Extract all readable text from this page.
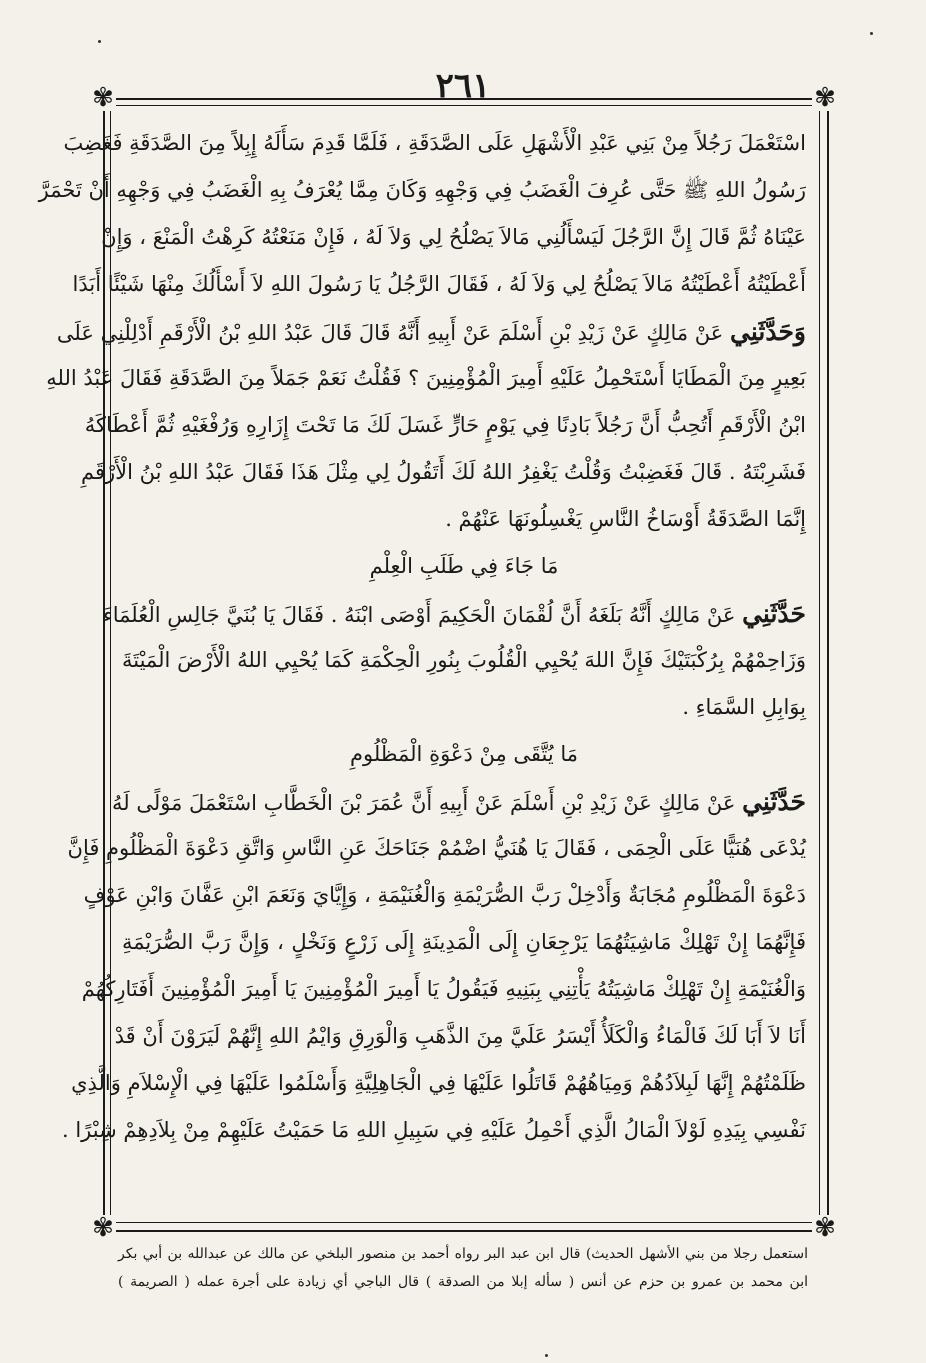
٢٦١
✾	✾
✾	✾
اسْتَعْمَلَ رَجُلاً مِنْ بَنِي عَبْدِ الْأَشْهَلِ عَلَى الصَّدَقَةِ ، فَلَمَّا قَدِمَ سَأَلَهُ إِبِلاً مِنَ الصَّدَقَةِ فَغَضِبَ
رَسُولُ اللهِ ﷺ حَتَّى عُرِفَ الْغَضَبُ فِي وَجْهِهِ وَكَانَ مِمَّا يُعْرَفُ بِهِ الْغَضَبُ فِي وَجْهِهِ أَنْ تَحْمَرَّ
عَيْنَاهُ ثُمَّ قَالَ إِنَّ الرَّجُلَ لَيَسْأَلُنِي مَالاَ يَصْلُحُ لِي وَلاَ لَهُ ، فَإِنْ مَنَعْتُهُ كَرِهْتُ الْمَنْعَ ، وَإِنْ
أَعْطَيْتُهُ أَعْطَيْتُهُ مَالاَ يَصْلُحُ لِي وَلاَ لَهُ ، فَقَالَ الرَّجُلُ يَا رَسُولَ اللهِ لاَ أَسْأَلُكَ مِنْهَا شَيْئًا أَبَدًا
وَحَدَّثَنِي عَنْ مَالِكٍ عَنْ زَيْدِ بْنِ أَسْلَمَ عَنْ أَبِيهِ أَنَّهُ قَالَ قَالَ عَبْدُ اللهِ بْنُ الْأَرْقَمِ أَدْلِلْنِي عَلَى
بَعِيرٍ مِنَ الْمَطَايَا أَسْتَحْمِلُ عَلَيْهِ أَمِيرَ الْمُؤْمِنِينَ ؟ فَقُلْتُ نَعَمْ جَمَلاً مِنَ الصَّدَقَةِ فَقَالَ عَبْدُ اللهِ
ابْنُ الْأَرْقَمِ أَتُحِبُّ أَنَّ رَجُلاً بَادِنًا فِي يَوْمٍ حَارٍّ غَسَلَ لَكَ مَا تَحْتَ إِزَارِهِ وَرُفْغَيْهِ ثُمَّ أَعْطَاكَهُ
فَشَرِبْتَهُ . قَالَ فَغَضِبْتُ وَقُلْتُ يَغْفِرُ اللهُ لَكَ أَتَقُولُ لِي مِثْلَ هَذَا فَقَالَ عَبْدُ اللهِ بْنُ الْأَرْقَمِ
إِنَّمَا الصَّدَقَةُ أَوْسَاخُ النَّاسِ يَغْسِلُونَهَا عَنْهُمْ .
مَا جَاءَ فِي طَلَبِ الْعِلْمِ
حَدَّثَنِي عَنْ مَالِكٍ أَنَّهُ بَلَغَهُ أَنَّ لُقْمَانَ الْحَكِيمَ أَوْصَى ابْنَهُ . فَقَالَ يَا بُنَيَّ جَالِسِ الْعُلَمَاءَ
وَزَاحِمْهُمْ بِرُكْبَتَيْكَ فَإِنَّ اللهَ يُحْيِي الْقُلُوبَ بِنُورِ الْحِكْمَةِ كَمَا يُحْيِي اللهُ الْأَرْضَ الْمَيْتَةَ
بِوَابِلِ السَّمَاءِ .
مَا يُتَّقَى مِنْ دَعْوَةِ الْمَظْلُومِ
حَدَّثَنِي عَنْ مَالِكٍ عَنْ زَيْدِ بْنِ أَسْلَمَ عَنْ أَبِيهِ أَنَّ عُمَرَ بْنَ الْخَطَّابِ اسْتَعْمَلَ مَوْلًى لَهُ
يُدْعَى هُنَيًّا عَلَى الْحِمَى ، فَقَالَ يَا هُنَيُّ اضْمُمْ جَنَاحَكَ عَنِ النَّاسِ وَاتَّقِ دَعْوَةَ الْمَظْلُومِ فَإِنَّ
دَعْوَةَ الْمَظْلُومِ مُجَابَةٌ وَأَدْخِلْ رَبَّ الصُّرَيْمَةِ وَالْغُنَيْمَةِ ، وَإِيَّايَ وَنَعَمَ ابْنِ عَفَّانَ وَابْنِ عَوْفٍ
فَإِنَّهُمَا إِنْ تَهْلِكْ مَاشِيَتُهُمَا يَرْجِعَانِ إِلَى الْمَدِينَةِ إِلَى زَرْعٍ وَنَخْلٍ ، وَإِنَّ رَبَّ الصُّرَيْمَةِ
وَالْغُنَيْمَةِ إِنْ تَهْلِكْ مَاشِيَتُهُ يَأْتِنِي بِبَنِيهِ فَيَقُولُ يَا أَمِيرَ الْمُؤْمِنِينَ يَا أَمِيرَ الْمُؤْمِنِينَ أَفَتَارِكُهُمْ
أَنَا لاَ أَبَا لَكَ فَالْمَاءُ وَالْكَلَأُ أَيْسَرُ عَلَيَّ مِنَ الذَّهَبِ وَالْوَرِقِ وَايْمُ اللهِ إِنَّهُمْ لَيَرَوْنَ أَنْ قَدْ
ظَلَمْتُهُمْ إِنَّهَا لَبِلاَدُهُمْ وَمِيَاهُهُمْ قَاتَلُوا عَلَيْهَا فِي الْجَاهِلِيَّةِ وَأَسْلَمُوا عَلَيْهَا فِي الْإِسْلاَمِ وَالَّذِي
نَفْسِي بِيَدِهِ لَوْلاَ الْمَالُ الَّذِي أَحْمِلُ عَلَيْهِ فِي سَبِيلِ اللهِ مَا حَمَيْتُ عَلَيْهِمْ مِنْ بِلاَدِهِمْ شِبْرًا .
استعمل رجلا من بني الأشهل الحديث) قال ابن عبد البر رواه أحمد بن منصور البلخي عن مالك عن عبدالله بن أبي بكر
ابن محمد بن عمرو بن حزم عن أنس ( سأله إبلا من الصدقة ) قال الباجي أي زيادة على أجرة عمله ( الصريمة )
